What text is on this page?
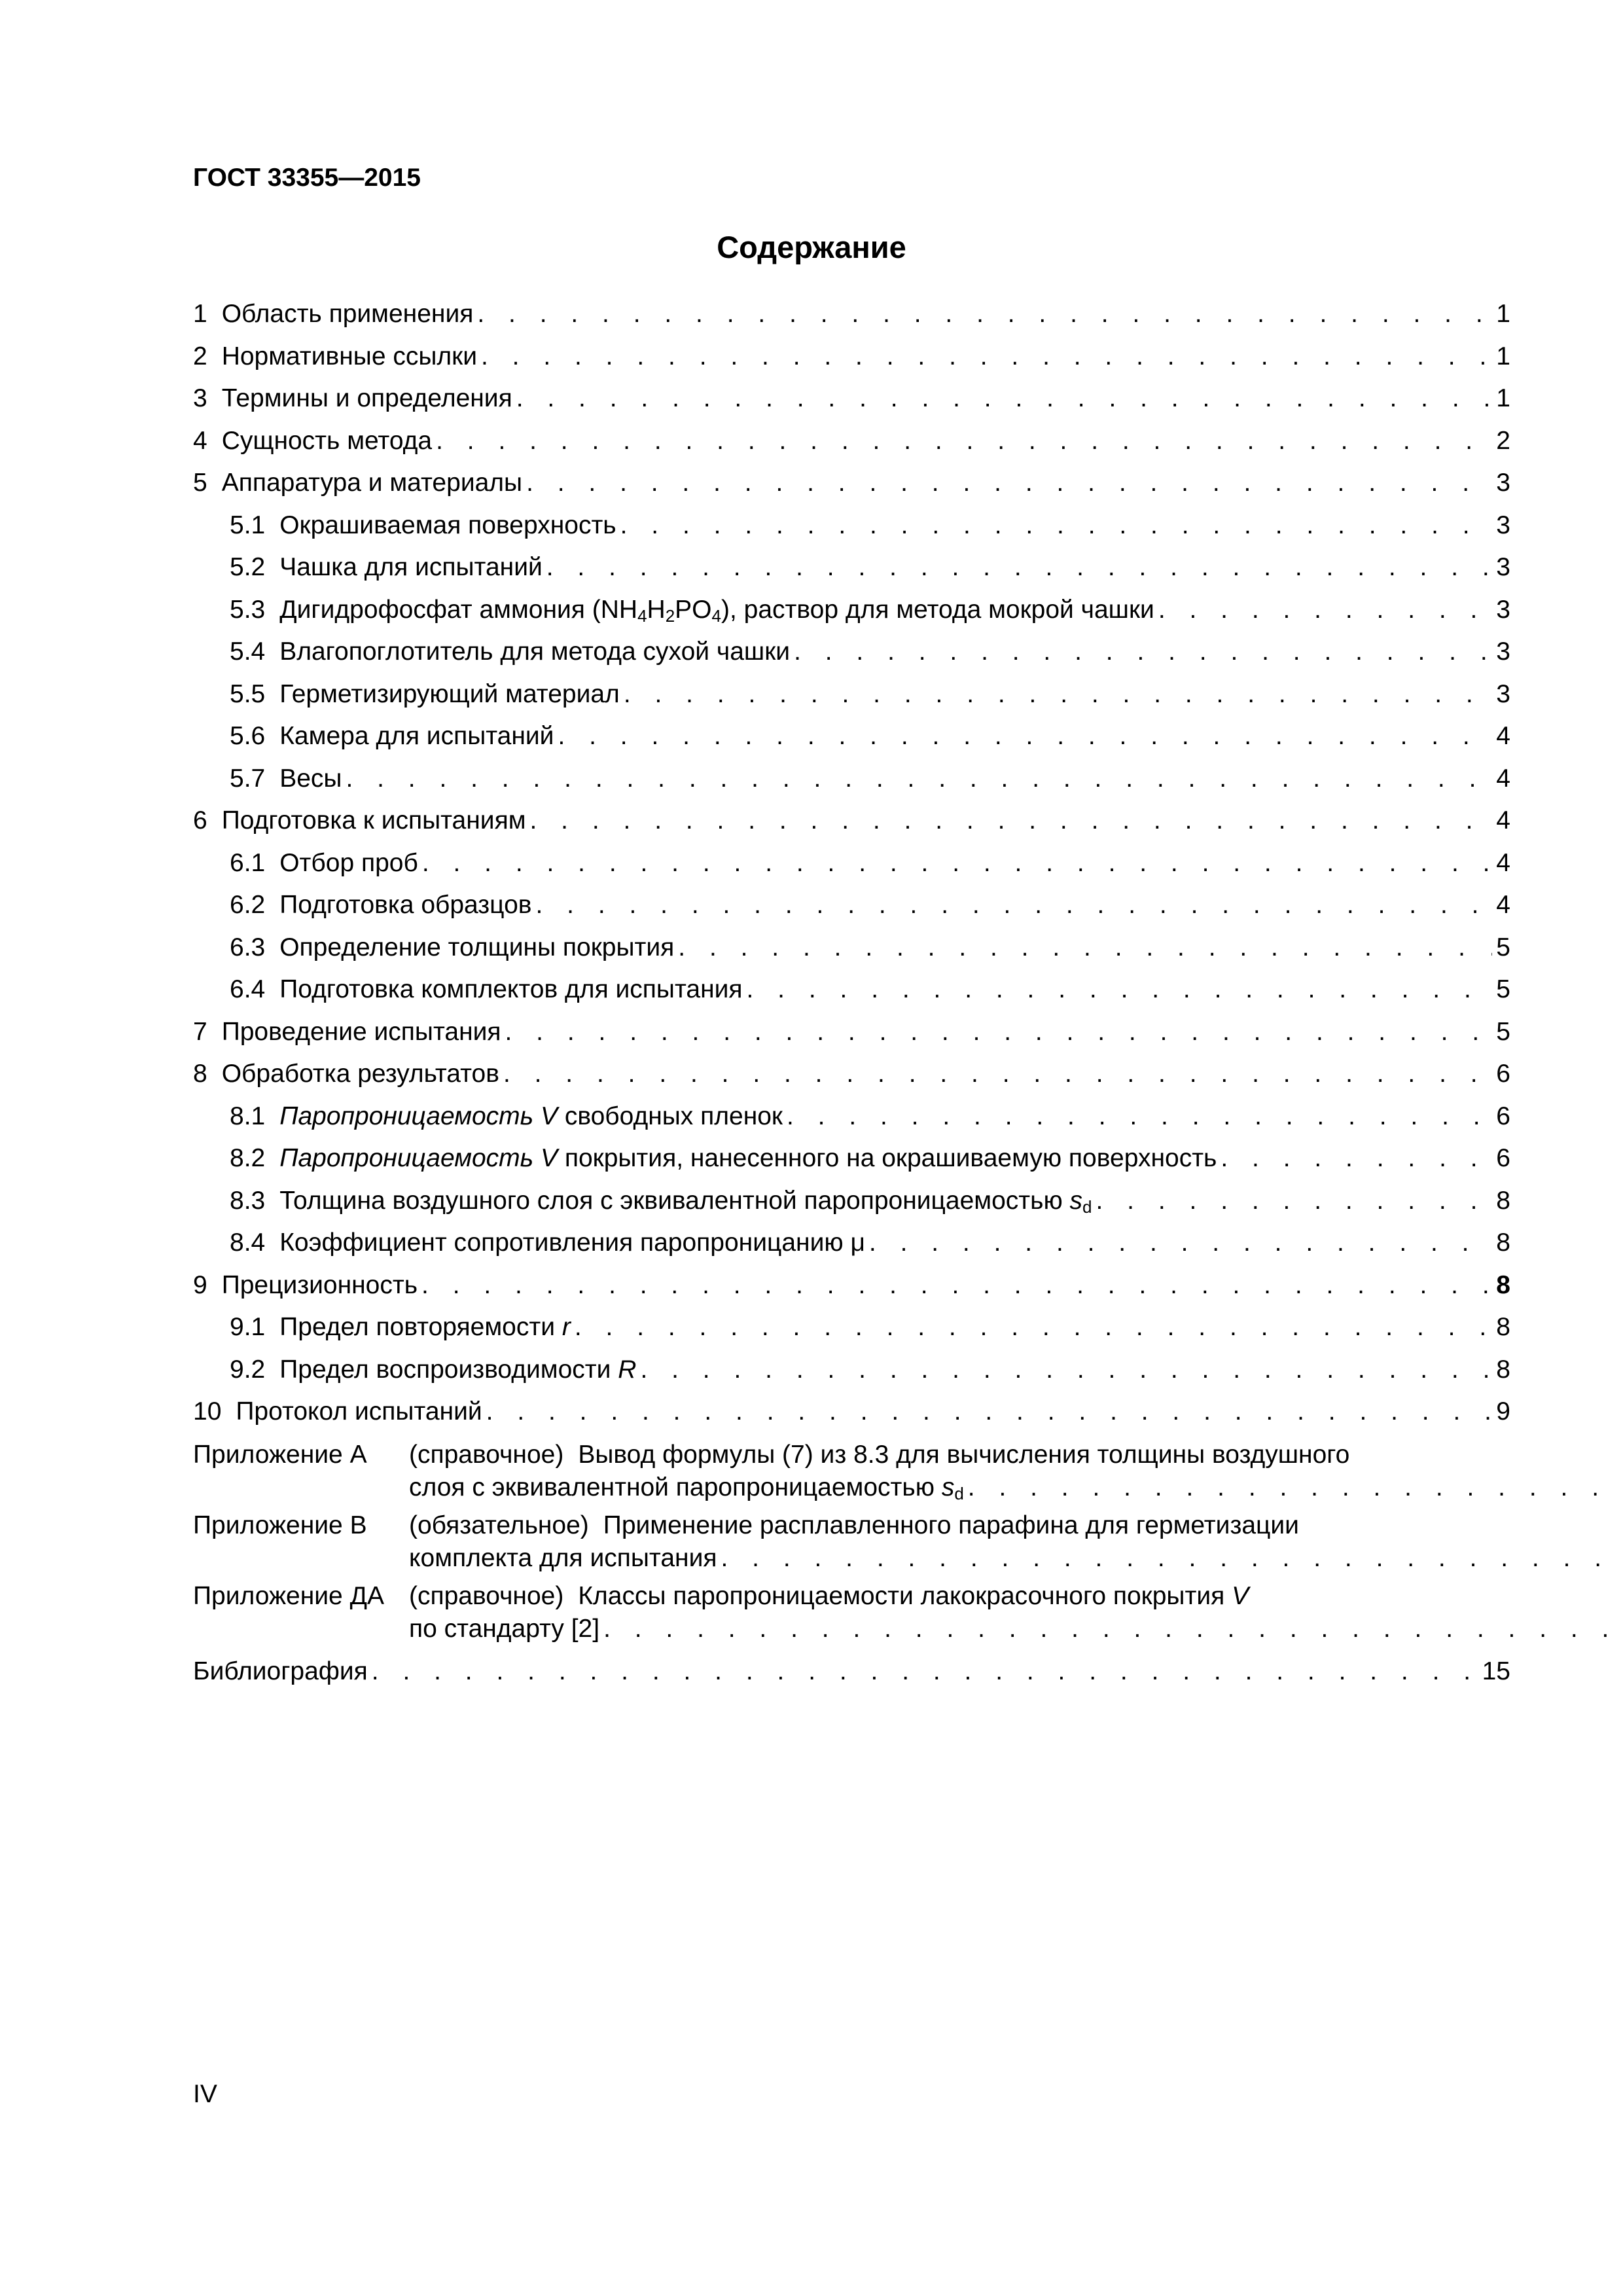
ГОСТ 33355—2015
Содержание
1 Область применения . . .	1
2 Нормативные ссылки . . .	1
3 Термины и определения . . .	1
4 Сущность метода . . .	2
5 Аппаратура и материалы . . .	3
5.1 Окрашиваемая поверхность . . .	3
5.2 Чашка для испытаний . . .	3
5.3 Дигидрофосфат аммония $(NH_4H_2PO_4)$, раствор для метода мокрой чашки . . .	3
5.4 Влагопоглотитель для метода сухой чашки . . .	3
5.5 Герметизирующий материал . . .	3
5.6 Камера для испытаний . . .	4
5.7 Весы . . .	4
6 Подготовка к испытаниям . . .	4
6.1 Отбор проб . . .	4
6.2 Подготовка образцов . . .	4
6.3 Определение толщины покрытия . . .	5
6.4 Подготовка комплектов для испытания . . .	5
7 Проведение испытания . . .	5
8 Обработка результатов . . .	6
8.1 Паропроницаемость V свободных пленок . . .	6
8.2 Паропроницаемость V покрытия, нанесенного на окрашиваемую поверхность . . .	6
8.3 Толщина воздушного слоя с эквивалентной паропроницаемостью $s_d$ . . .	8
8.4 Коэффициент сопротивления паропроницанию μ . . .	8
9 Прецизионность . . .	8
9.1 Предел повторяемости r . . .	8
9.2 Предел воспроизводимости R . . .	8
10 Протокол испытаний . . .	9
Приложение А	(справочное) Вывод формулы (7) из 8.3 для вычисления толщины воздушного
слоя с эквивалентной паропроницаемостью $s_d$
. . .
Приложение В	(обязательное) Применение расплавленного парафина для герметизации
комплекта для испытания
. . .
Приложение ДА (справочное) Классы паропроницаемости лакокрасочного покрытия V
по стандарту [2]
. . .
Библиография . . .	15
IV
